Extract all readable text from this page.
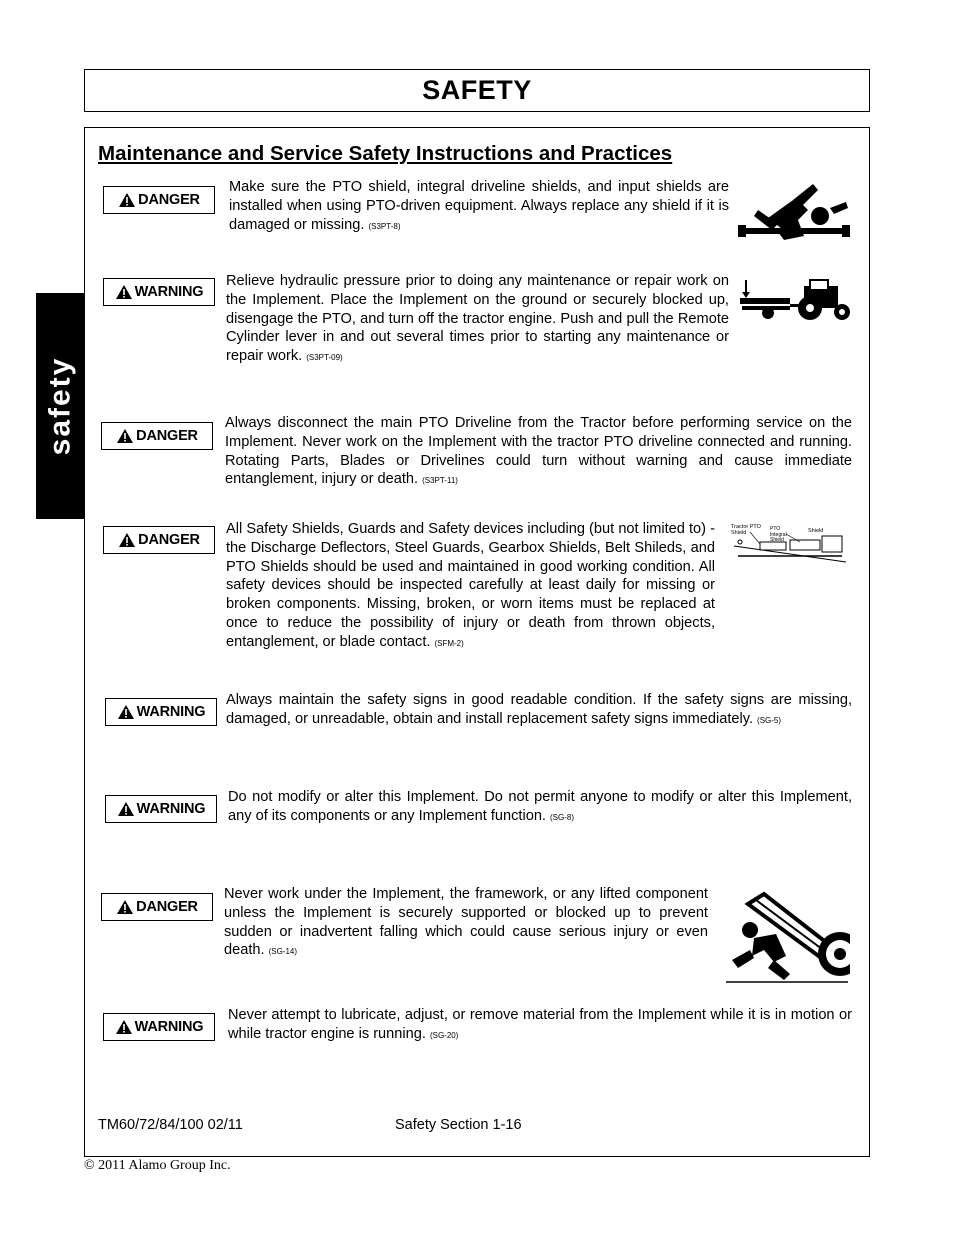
SAFETY
safety
Maintenance and Service Safety Instructions and Practices
DANGER
Make sure the PTO shield, integral driveline shields, and input shields are installed when using PTO-driven equipment. Always replace any shield if it is damaged or missing. (S3PT-8)
WARNING
Relieve hydraulic pressure prior to doing any maintenance or repair work on the Implement. Place the Implement on the ground or securely blocked up, disengage the PTO, and turn off the tractor engine. Push and pull the Remote Cylinder lever in and out several times prior to starting any maintenance or repair work. (S3PT-09)
DANGER
Always disconnect the main PTO Driveline from the Tractor before performing service on the Implement. Never work on the Implement with the tractor PTO driveline connected and running. Rotating Parts, Blades or Drivelines could turn without warning and cause immediate entanglement, injury or death. (S3PT-11)
DANGER
All Safety Shields, Guards and Safety devices including (but not limited to) - the Discharge Deflectors, Steel Guards, Gearbox Shields, Belt Shileds, and PTO Shields should be used and maintained in good working condition. All safety devices should be inspected carefully at least daily for missing or broken components. Missing, broken, or worn items must be replaced at once to reduce the possibility of injury or death from thrown objects, entanglement, or blade contact. (SFM-2)
Tractor PTO Shield
PTO Integral Shield
Shield
WARNING
Always maintain the safety signs in good readable condition. If the safety signs are missing, damaged, or unreadable, obtain and install replacement safety signs immediately. (SG-5)
WARNING
Do not modify or alter this Implement. Do not permit anyone to modify or alter this Implement, any of its components or any Implement function. (SG-8)
DANGER
Never work under the Implement, the framework, or any lifted component unless the Implement is securely supported or blocked up to prevent sudden or inadvertent falling which could cause serious injury or even death. (SG-14)
WARNING
Never attempt to lubricate, adjust, or remove material from the Implement while it is in motion or while tractor engine is running. (SG-20)
TM60/72/84/100 02/11	Safety Section 1-16
© 2011 Alamo Group Inc.
